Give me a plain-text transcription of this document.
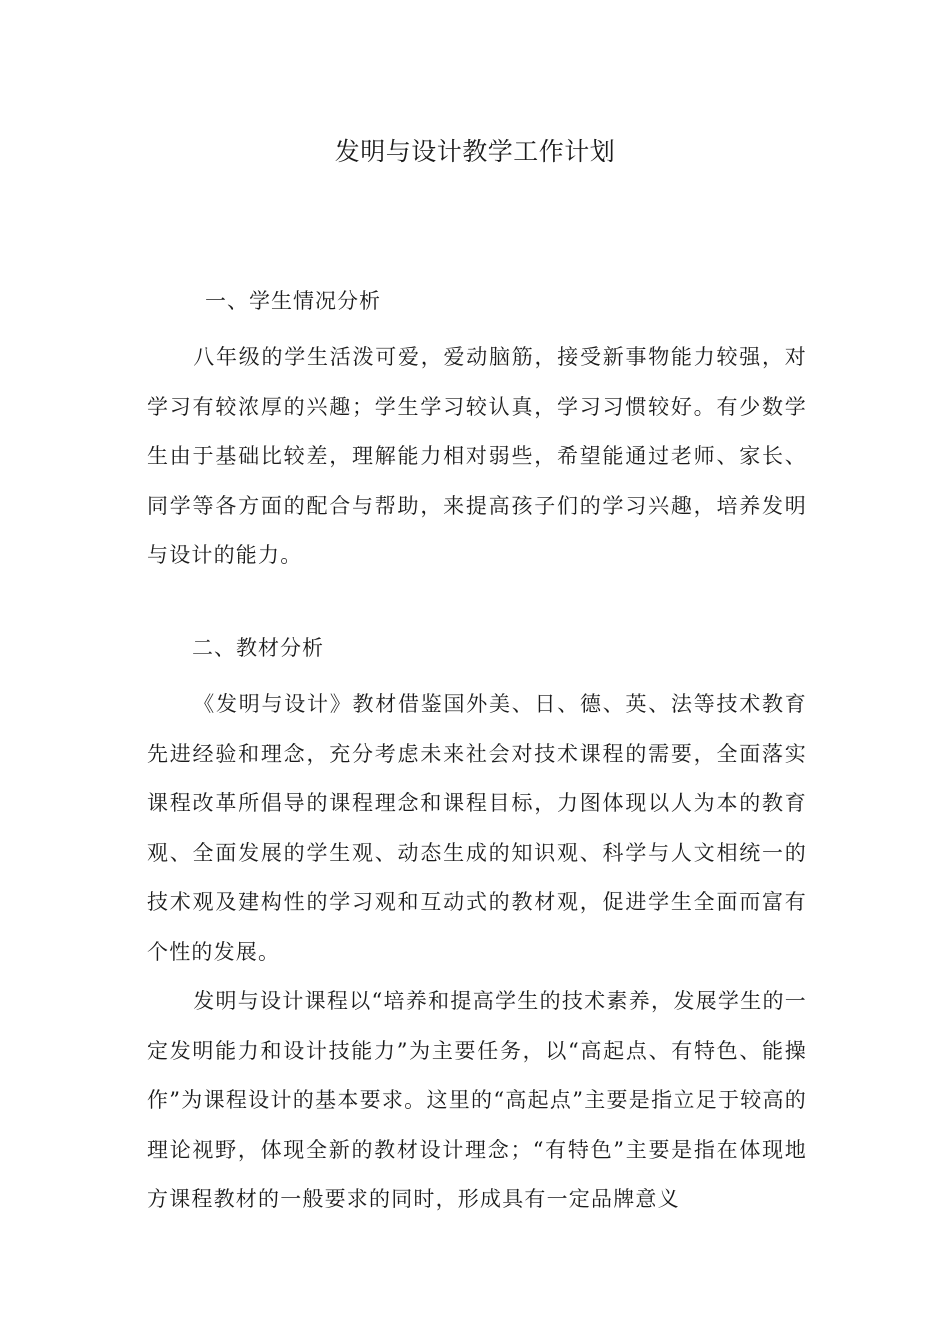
发明与设计教学工作计划
一、学生情况分析

八年级的学生活泼可爱，爱动脑筋，接受新事物能力较强，对学习有较浓厚的兴趣；学生学习较认真，学习习惯较好。有少数学生由于基础比较差，理解能力相对弱些，希望能通过老师、家长、同学等各方面的配合与帮助，来提高孩子们的学习兴趣，培养发明与设计的能力。

二、教材分析

《发明与设计》教材借鉴国外美、日、德、英、法等技术教育先进经验和理念，充分考虑未来社会对技术课程的需要，全面落实课程改革所倡导的课程理念和课程目标，力图体现以人为本的教育观、全面发展的学生观、动态生成的知识观、科学与人文相统一的技术观及建构性的学习观和互动式的教材观，促进学生全面而富有个性的发展。

发明与设计课程以“培养和提高学生的技术素养，发展学生的一定发明能力和设计技能力”为主要任务，以“高起点、有特色、能操作”为课程设计的基本要求。这里的“高起点”主要是指立足于较高的理论视野，体现全新的教材设计理念；“有特色”主要是指在体现地方课程教材的一般要求的同时，形成具有一定品牌意义
